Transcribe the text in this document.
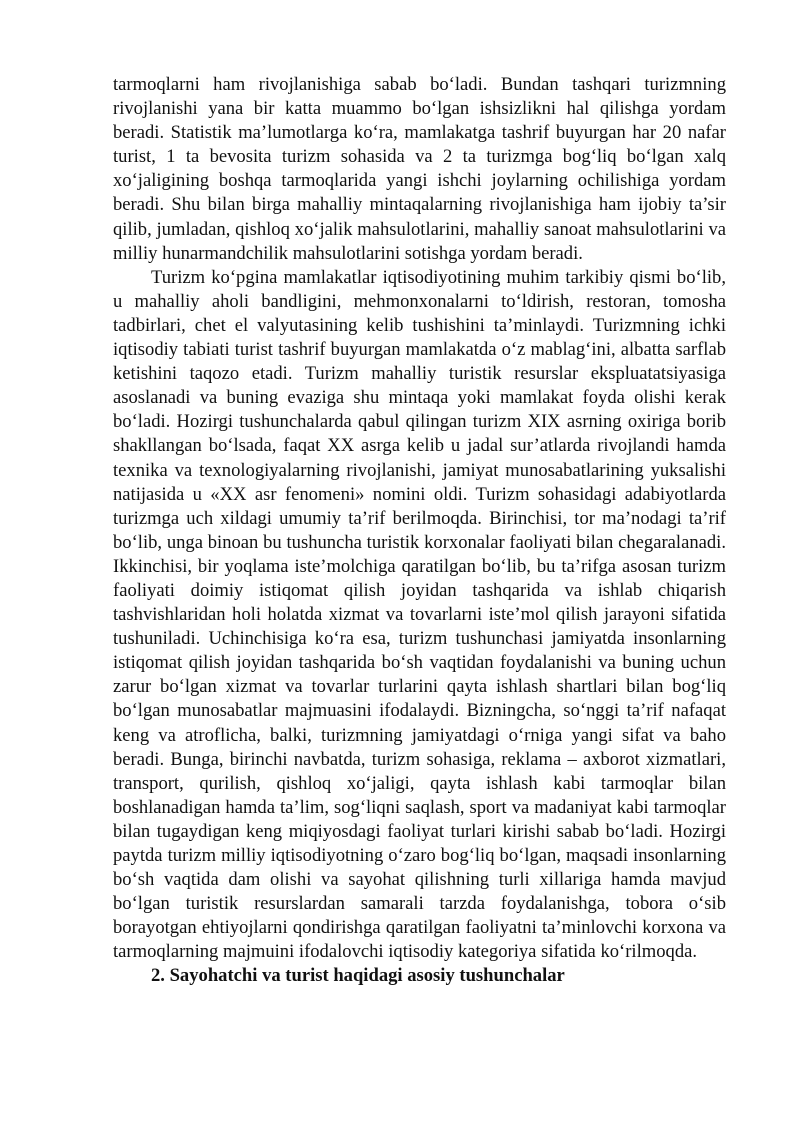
tarmoqlarni ham rivojlanishiga sabab bo‘ladi. Bundan tashqari turizmning rivojlanishi yana bir katta muammo bo‘lgan ishsizlikni hal qilishga yordam beradi. Statistik ma’lumotlarga ko‘ra, mamlakatga tashrif buyurgan har 20 nafar turist, 1 ta bevosita turizm sohasida va 2 ta turizmga bog‘liq bo‘lgan xalq xo‘jaligining boshqa tarmoqlarida yangi ishchi joylarning ochilishiga yordam beradi. Shu bilan birga mahalliy mintaqalarning rivojlanishiga ham ijobiy ta’sir qilib, jumladan, qishloq xo‘jalik mahsulotlarini, mahalliy sanoat mahsulotlarini va milliy hunarmandchilik mahsulotlarini sotishga yordam beradi.

Turizm ko‘pgina mamlakatlar iqtisodiyotining muhim tarkibiy qismi bo‘lib, u mahalliy aholi bandligini, mehmonxonalarni to‘ldirish, restoran, tomosha tadbirlari, chet el valyutasining kelib tushishini ta’minlaydi. Turizmning ichki iqtisodiy tabiati turist tashrif buyurgan mamlakatda o‘z mablag‘ini, albatta sarflab ketishini taqozo etadi. Turizm mahalliy turistik resurslar ekspluatatsiyasiga asoslanadi va buning evaziga shu mintaqa yoki mamlakat foyda olishi kerak bo‘ladi. Hozirgi tushunchalarda qabul qilingan turizm XIX asrning oxiriga borib shakllangan bo‘lsada, faqat XX asrga kelib u jadal sur’atlarda rivojlandi hamda texnika va texnologiyalarning rivojlanishi, jamiyat munosabatlarining yuksalishi natijasida u «XX asr fenomeni» nomini oldi. Turizm sohasidagi adabiyotlarda turizmga uch xildagi umumiy ta’rif berilmoqda. Birinchisi, tor ma’nodagi ta’rif bo‘lib, unga binoan bu tushuncha turistik korxonalar faoliyati bilan chegaralanadi. Ikkinchisi, bir yoqlama iste’molchiga qaratilgan bo‘lib, bu ta’rifga asosan turizm faoliyati doimiy istiqomat qilish joyidan tashqarida va ishlab chiqarish tashvishlaridan holi holatda xizmat va tovarlarni iste’mol qilish jarayoni sifatida tushuniladi. Uchinchisiga ko‘ra esa, turizm tushunchasi jamiyatda insonlarning istiqomat qilish joyidan tashqarida bo‘sh vaqtidan foydalanishi va buning uchun zarur bo‘lgan xizmat va tovarlar turlarini qayta ishlash shartlari bilan bog‘liq bo‘lgan munosabatlar majmuasini ifodalaydi. Bizningcha, so‘nggi ta’rif nafaqat keng va atroflicha, balki, turizmning jamiyatdagi o‘rniga yangi sifat va baho beradi. Bunga, birinchi navbatda, turizm sohasiga, reklama – axborot xizmatlari, transport, qurilish, qishloq xo‘jaligi, qayta ishlash kabi tarmoqlar bilan boshlanadigan hamda ta’lim, sog‘liqni saqlash, sport va madaniyat kabi tarmoqlar bilan tugaydigan keng miqiyosdagi faoliyat turlari kirishi sabab bo‘ladi. Hozirgi paytda turizm milliy iqtisodiyotning o‘zaro bog‘liq bo‘lgan, maqsadi insonlarning bo‘sh vaqtida dam olishi va sayohat qilishning turli xillariga hamda mavjud bo‘lgan turistik resurslardan samarali tarzda foydalanishga, tobora o‘sib borayotgan ehtiyojlarni qondirishga qaratilgan faoliyatni ta’minlovchi korxona va tarmoqlarning majmuini ifodalovchi iqtisodiy kategoriya sifatida ko‘rilmoqda.

2. Sayohatchi va turist haqidagi asosiy tushunchalar
